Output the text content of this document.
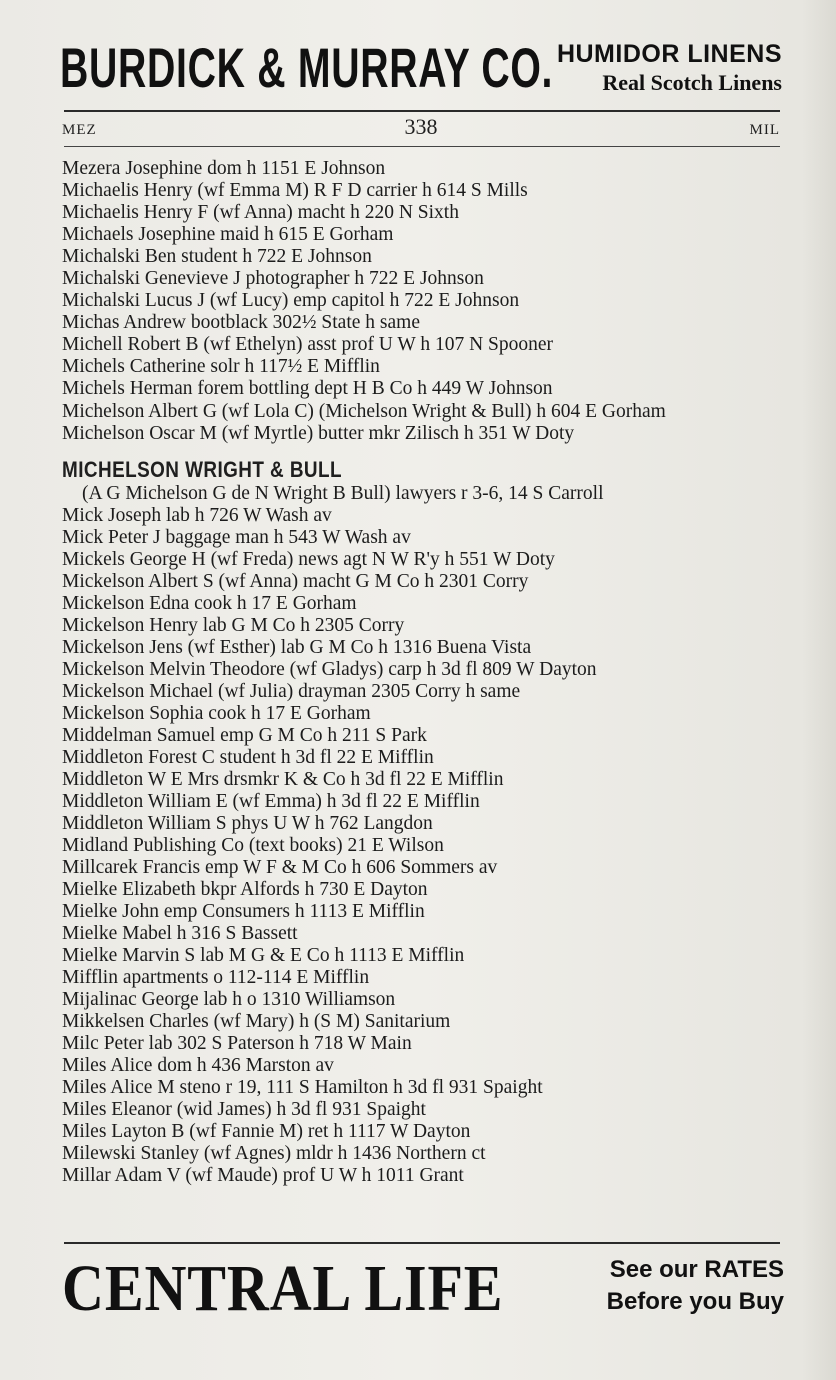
BURDICK & MURRAY CO. HUMIDOR LINENS
Real Scotch Linens
MEZ	338	MIL
Mezera Josephine dom h 1151 E Johnson
Michaelis Henry (wf Emma M) R F D carrier h 614 S Mills
Michaelis Henry F (wf Anna) macht h 220 N Sixth
Michaels Josephine maid h 615 E Gorham
Michalski Ben student h 722 E Johnson
Michalski Genevieve J photographer h 722 E Johnson
Michalski Lucus J (wf Lucy) emp capitol h 722 E Johnson
Michas Andrew bootblack 302½ State h same
Michell Robert B (wf Ethelyn) asst prof U W h 107 N Spooner
Michels Catherine solr h 117½ E Mifflin
Michels Herman forem bottling dept H B Co h 449 W Johnson
Michelson Albert G (wf Lola C) (Michelson Wright & Bull) h 604 E Gorham
Michelson Oscar M (wf Myrtle) butter mkr Zilisch h 351 W Doty
MICHELSON WRIGHT & BULL
(A G Michelson G de N Wright B Bull) lawyers r 3-6, 14 S Carroll
Mick Joseph lab h 726 W Wash av
Mick Peter J baggage man h 543 W Wash av
Mickels George H (wf Freda) news agt N W R'y h 551 W Doty
Mickelson Albert S (wf Anna) macht G M Co h 2301 Corry
Mickelson Edna cook h 17 E Gorham
Mickelson Henry lab G M Co h 2305 Corry
Mickelson Jens (wf Esther) lab G M Co h 1316 Buena Vista
Mickelson Melvin Theodore (wf Gladys) carp h 3d fl 809 W Dayton
Mickelson Michael (wf Julia) drayman 2305 Corry h same
Mickelson Sophia cook h 17 E Gorham
Middelman Samuel emp G M Co h 211 S Park
Middleton Forest C student h 3d fl 22 E Mifflin
Middleton W E Mrs drsmkr K & Co h 3d fl 22 E Mifflin
Middleton William E (wf Emma) h 3d fl 22 E Mifflin
Middleton William S phys U W h 762 Langdon
Midland Publishing Co (text books) 21 E Wilson
Millcarek Francis emp W F & M Co h 606 Sommers av
Mielke Elizabeth bkpr Alfords h 730 E Dayton
Mielke John emp Consumers h 1113 E Mifflin
Mielke Mabel h 316 S Bassett
Mielke Marvin S lab M G & E Co h 1113 E Mifflin
Mifflin apartments o 112-114 E Mifflin
Mijalinac George lab h o 1310 Williamson
Mikkelsen Charles (wf Mary) h (S M) Sanitarium
Milc Peter lab 302 S Paterson h 718 W Main
Miles Alice dom h 436 Marston av
Miles Alice M steno r 19, 111 S Hamilton h 3d fl 931 Spaight
Miles Eleanor (wid James) h 3d fl 931 Spaight
Miles Layton B (wf Fannie M) ret h 1117 W Dayton
Milewski Stanley (wf Agnes) mldr h 1436 Northern ct
Millar Adam V (wf Maude) prof U W h 1011 Grant
CENTRAL LIFE	See our RATES
Before you Buy
